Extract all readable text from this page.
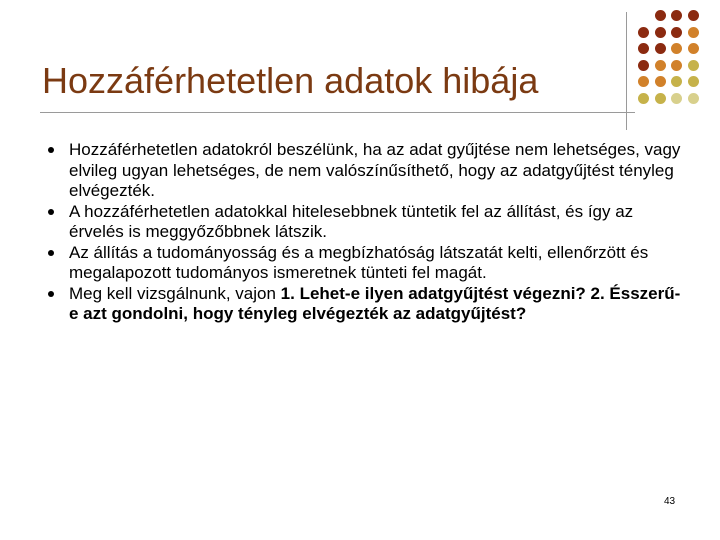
Hozzáférhetetlen adatok hibája
Hozzáférhetetlen adatokról beszélünk, ha az adat gyűjtése nem lehetséges, vagy elvileg ugyan lehetséges, de nem valószínűsíthető, hogy az adatgyűjtést tényleg elvégezték.
A hozzáférhetetlen adatokkal hitelesebbnek tüntetik fel az állítást, és így az érvelés is meggyőzőbbnek látszik.
Az állítás a tudományosság és a megbízhatóság látszatát kelti, ellenőrzött és megalapozott tudományos ismeretnek tünteti fel magát.
Meg kell vizsgálnunk, vajon 1. Lehet-e ilyen adatgyűjtést végezni? 2. Ésszerű-e azt gondolni, hogy tényleg elvégezték az adatgyűjtést?
43
